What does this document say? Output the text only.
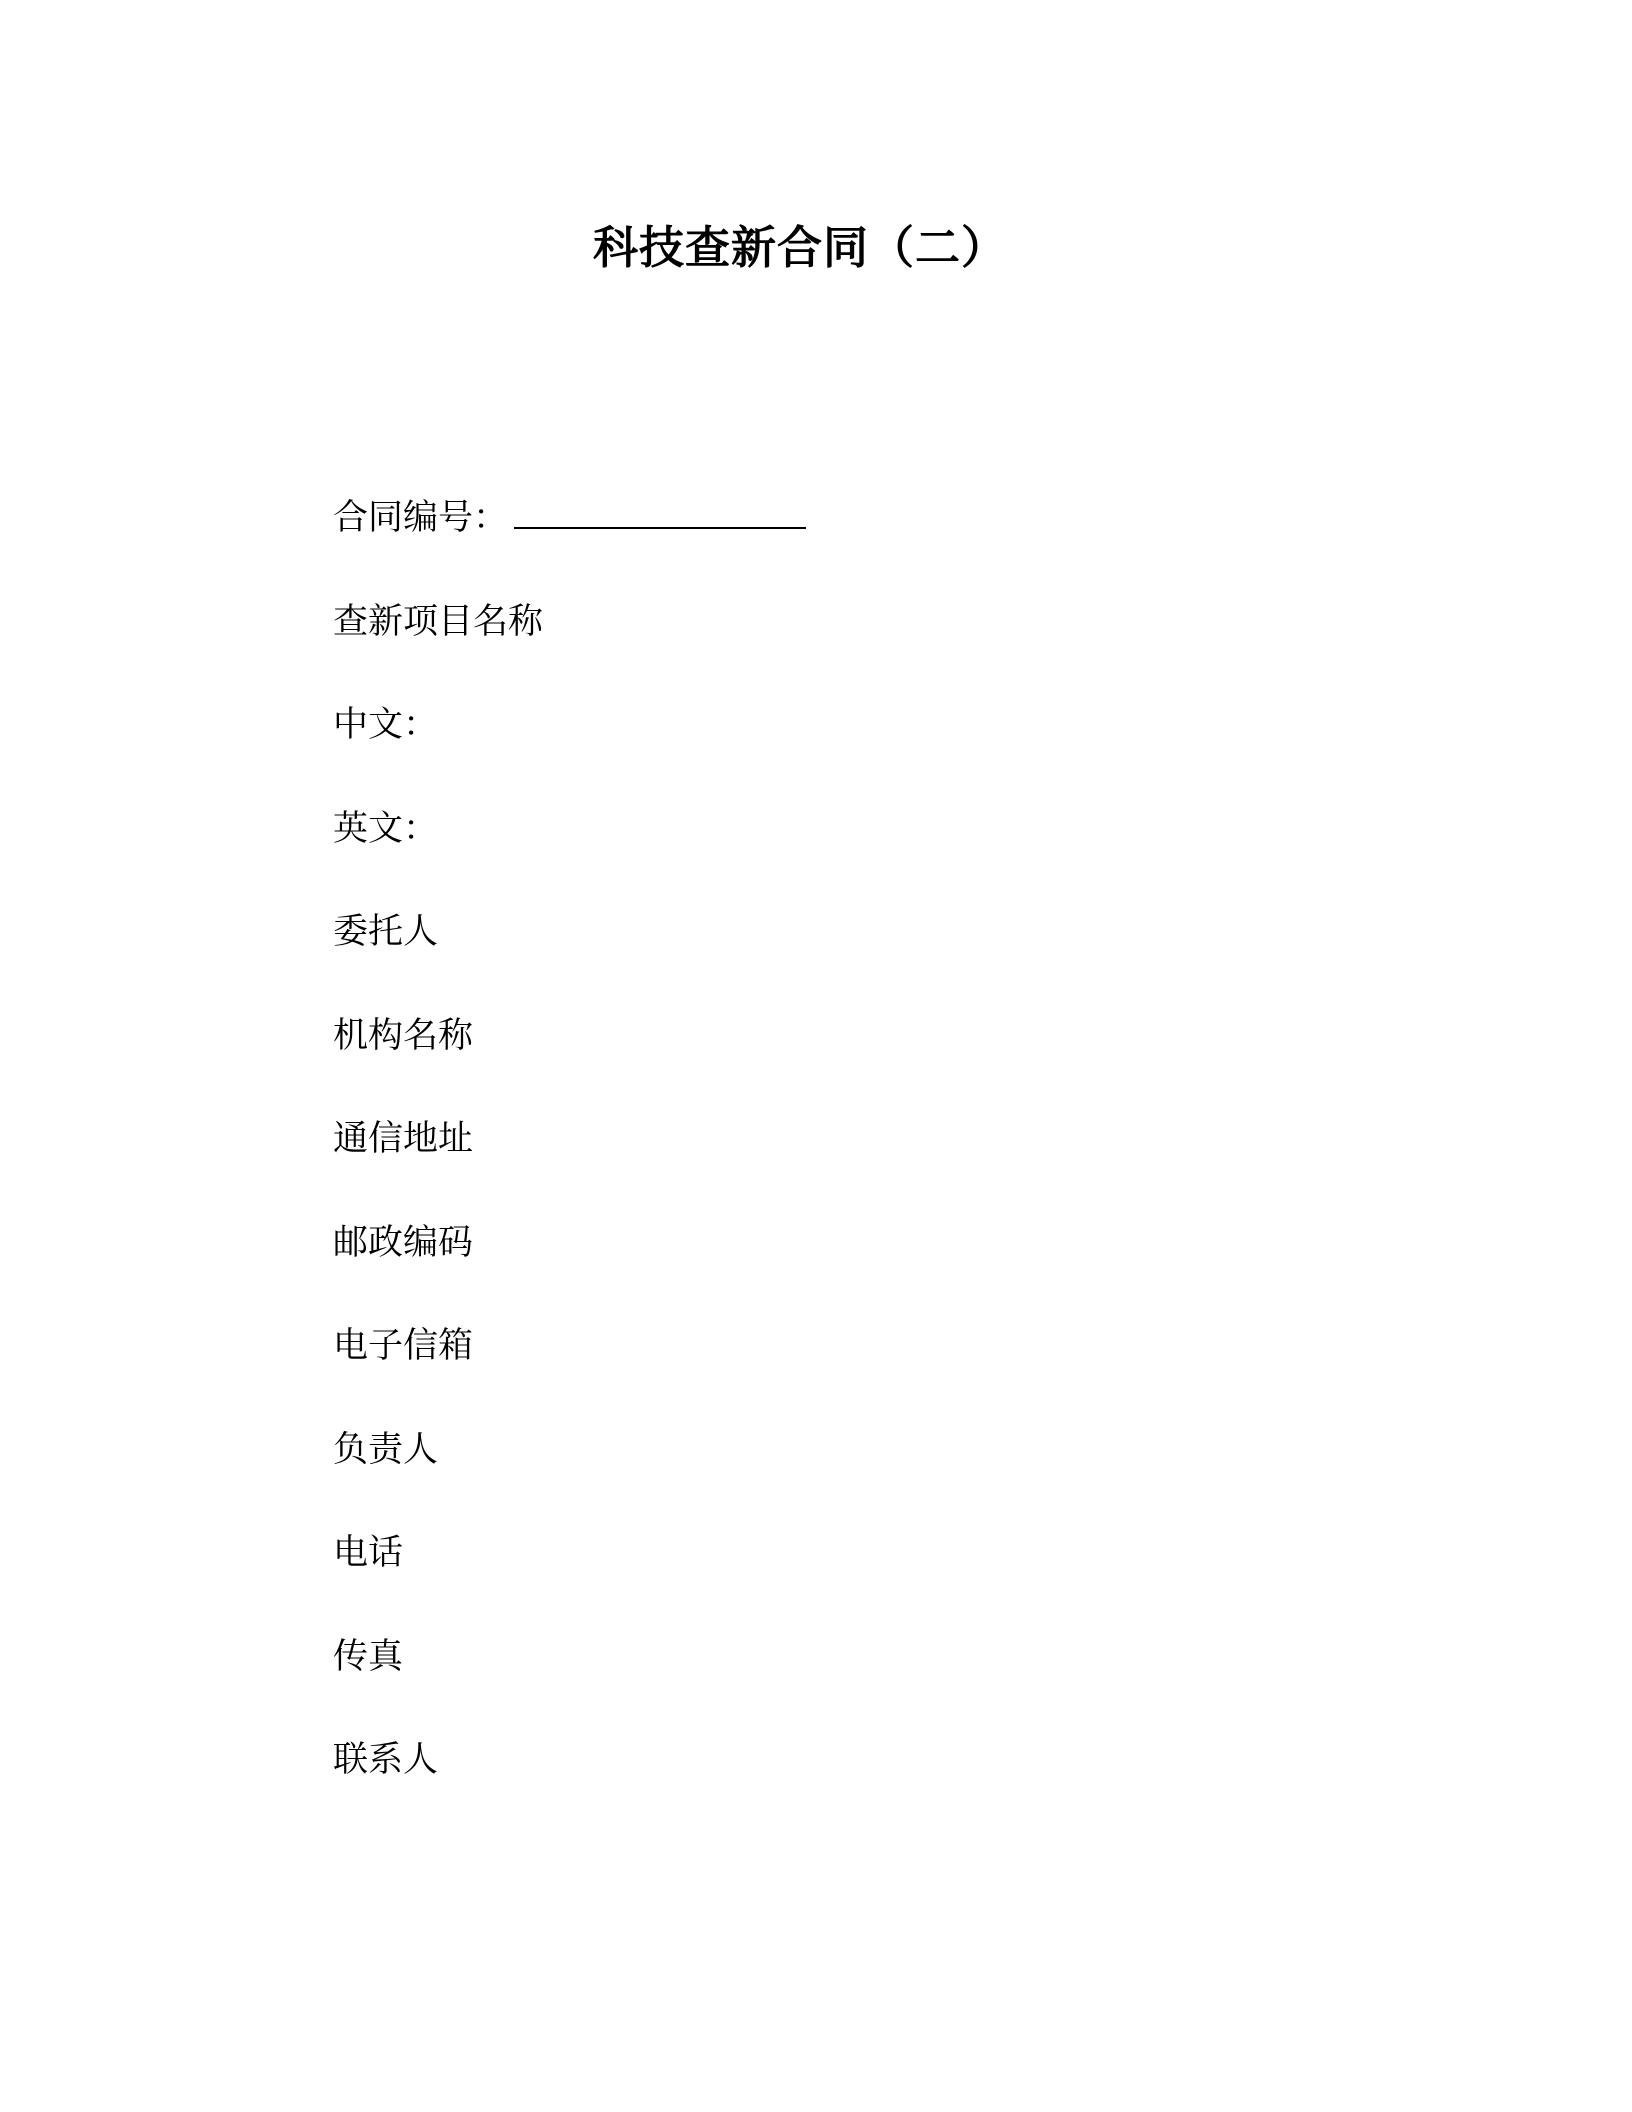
科技查新合同（二）
合同编号：
查新项目名称
中文：
英文：
委托人
机构名称
通信地址
邮政编码
电子信箱
负责人
电话
传真
联系人
